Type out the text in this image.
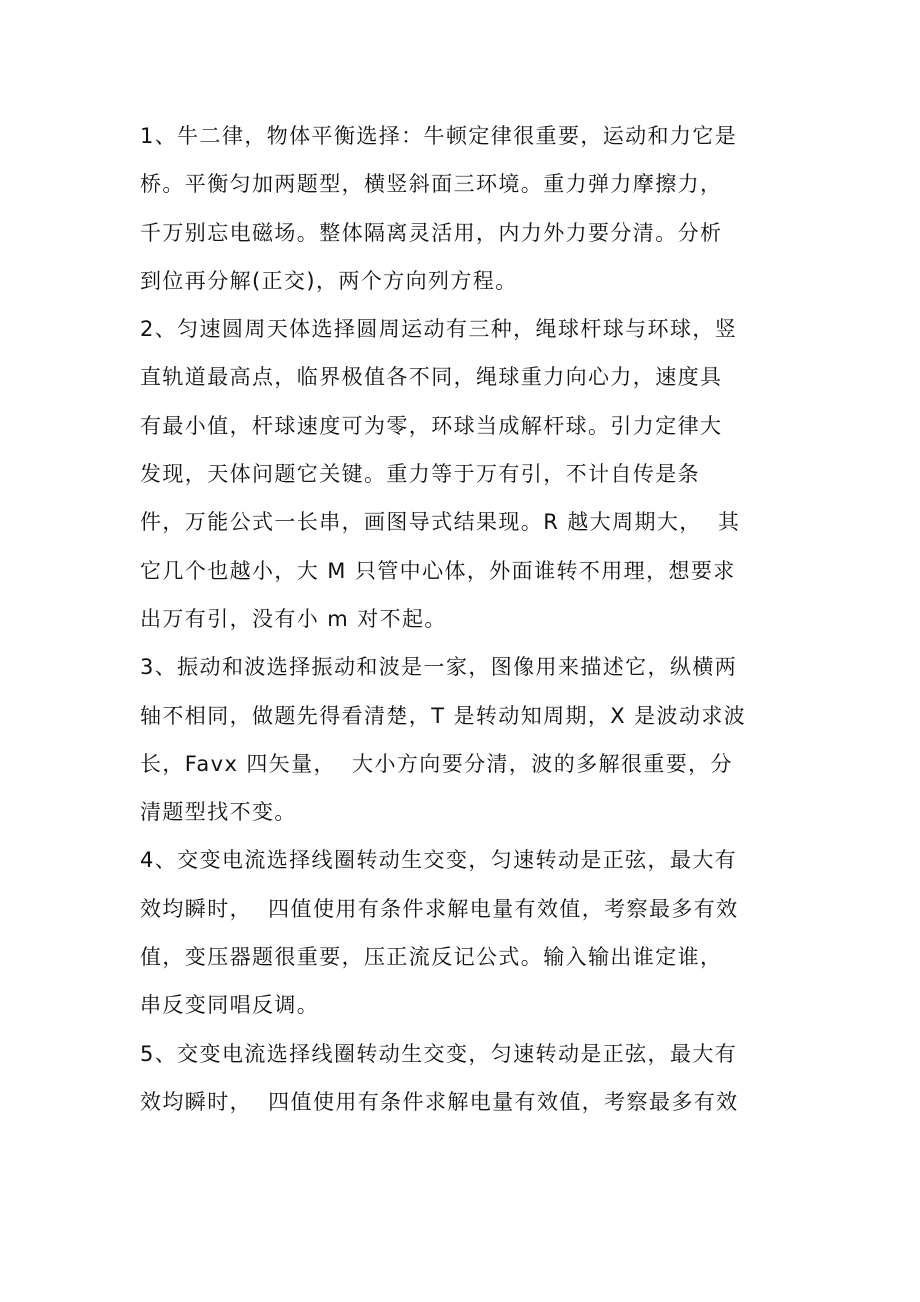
1、牛二律，物体平衡选择：牛顿定律很重要，运动和力它是
桥。平衡匀加两题型，横竖斜面三环境。重力弹力摩擦力，
千万别忘电磁场。整体隔离灵活用，内力外力要分清。分析
到位再分解(正交)，两个方向列方程。
2、匀速圆周天体选择圆周运动有三种，绳球杆球与环球，竖
直轨道最高点，临界极值各不同，绳球重力向心力，速度具
有最小值，杆球速度可为零，环球当成解杆球。引力定律大
发现，天体问题它关键。重力等于万有引，不计自传是条
件，万能公式一长串，画图导式结果现。R 越大周期大，  其
它几个也越小，大 M 只管中心体，外面谁转不用理，想要求
出万有引，没有小 m 对不起。
3、振动和波选择振动和波是一家，图像用来描述它，纵横两
轴不相同，做题先得看清楚，T 是转动知周期，X 是波动求波
长，Favx 四矢量，  大小方向要分清，波的多解很重要，分
清题型找不变。
4、交变电流选择线圈转动生交变，匀速转动是正弦，最大有
效均瞬时，  四值使用有条件求解电量有效值，考察最多有效
值，变压器题很重要，压正流反记公式。输入输出谁定谁，
串反变同唱反调。
5、交变电流选择线圈转动生交变，匀速转动是正弦，最大有
效均瞬时，  四值使用有条件求解电量有效值，考察最多有效
